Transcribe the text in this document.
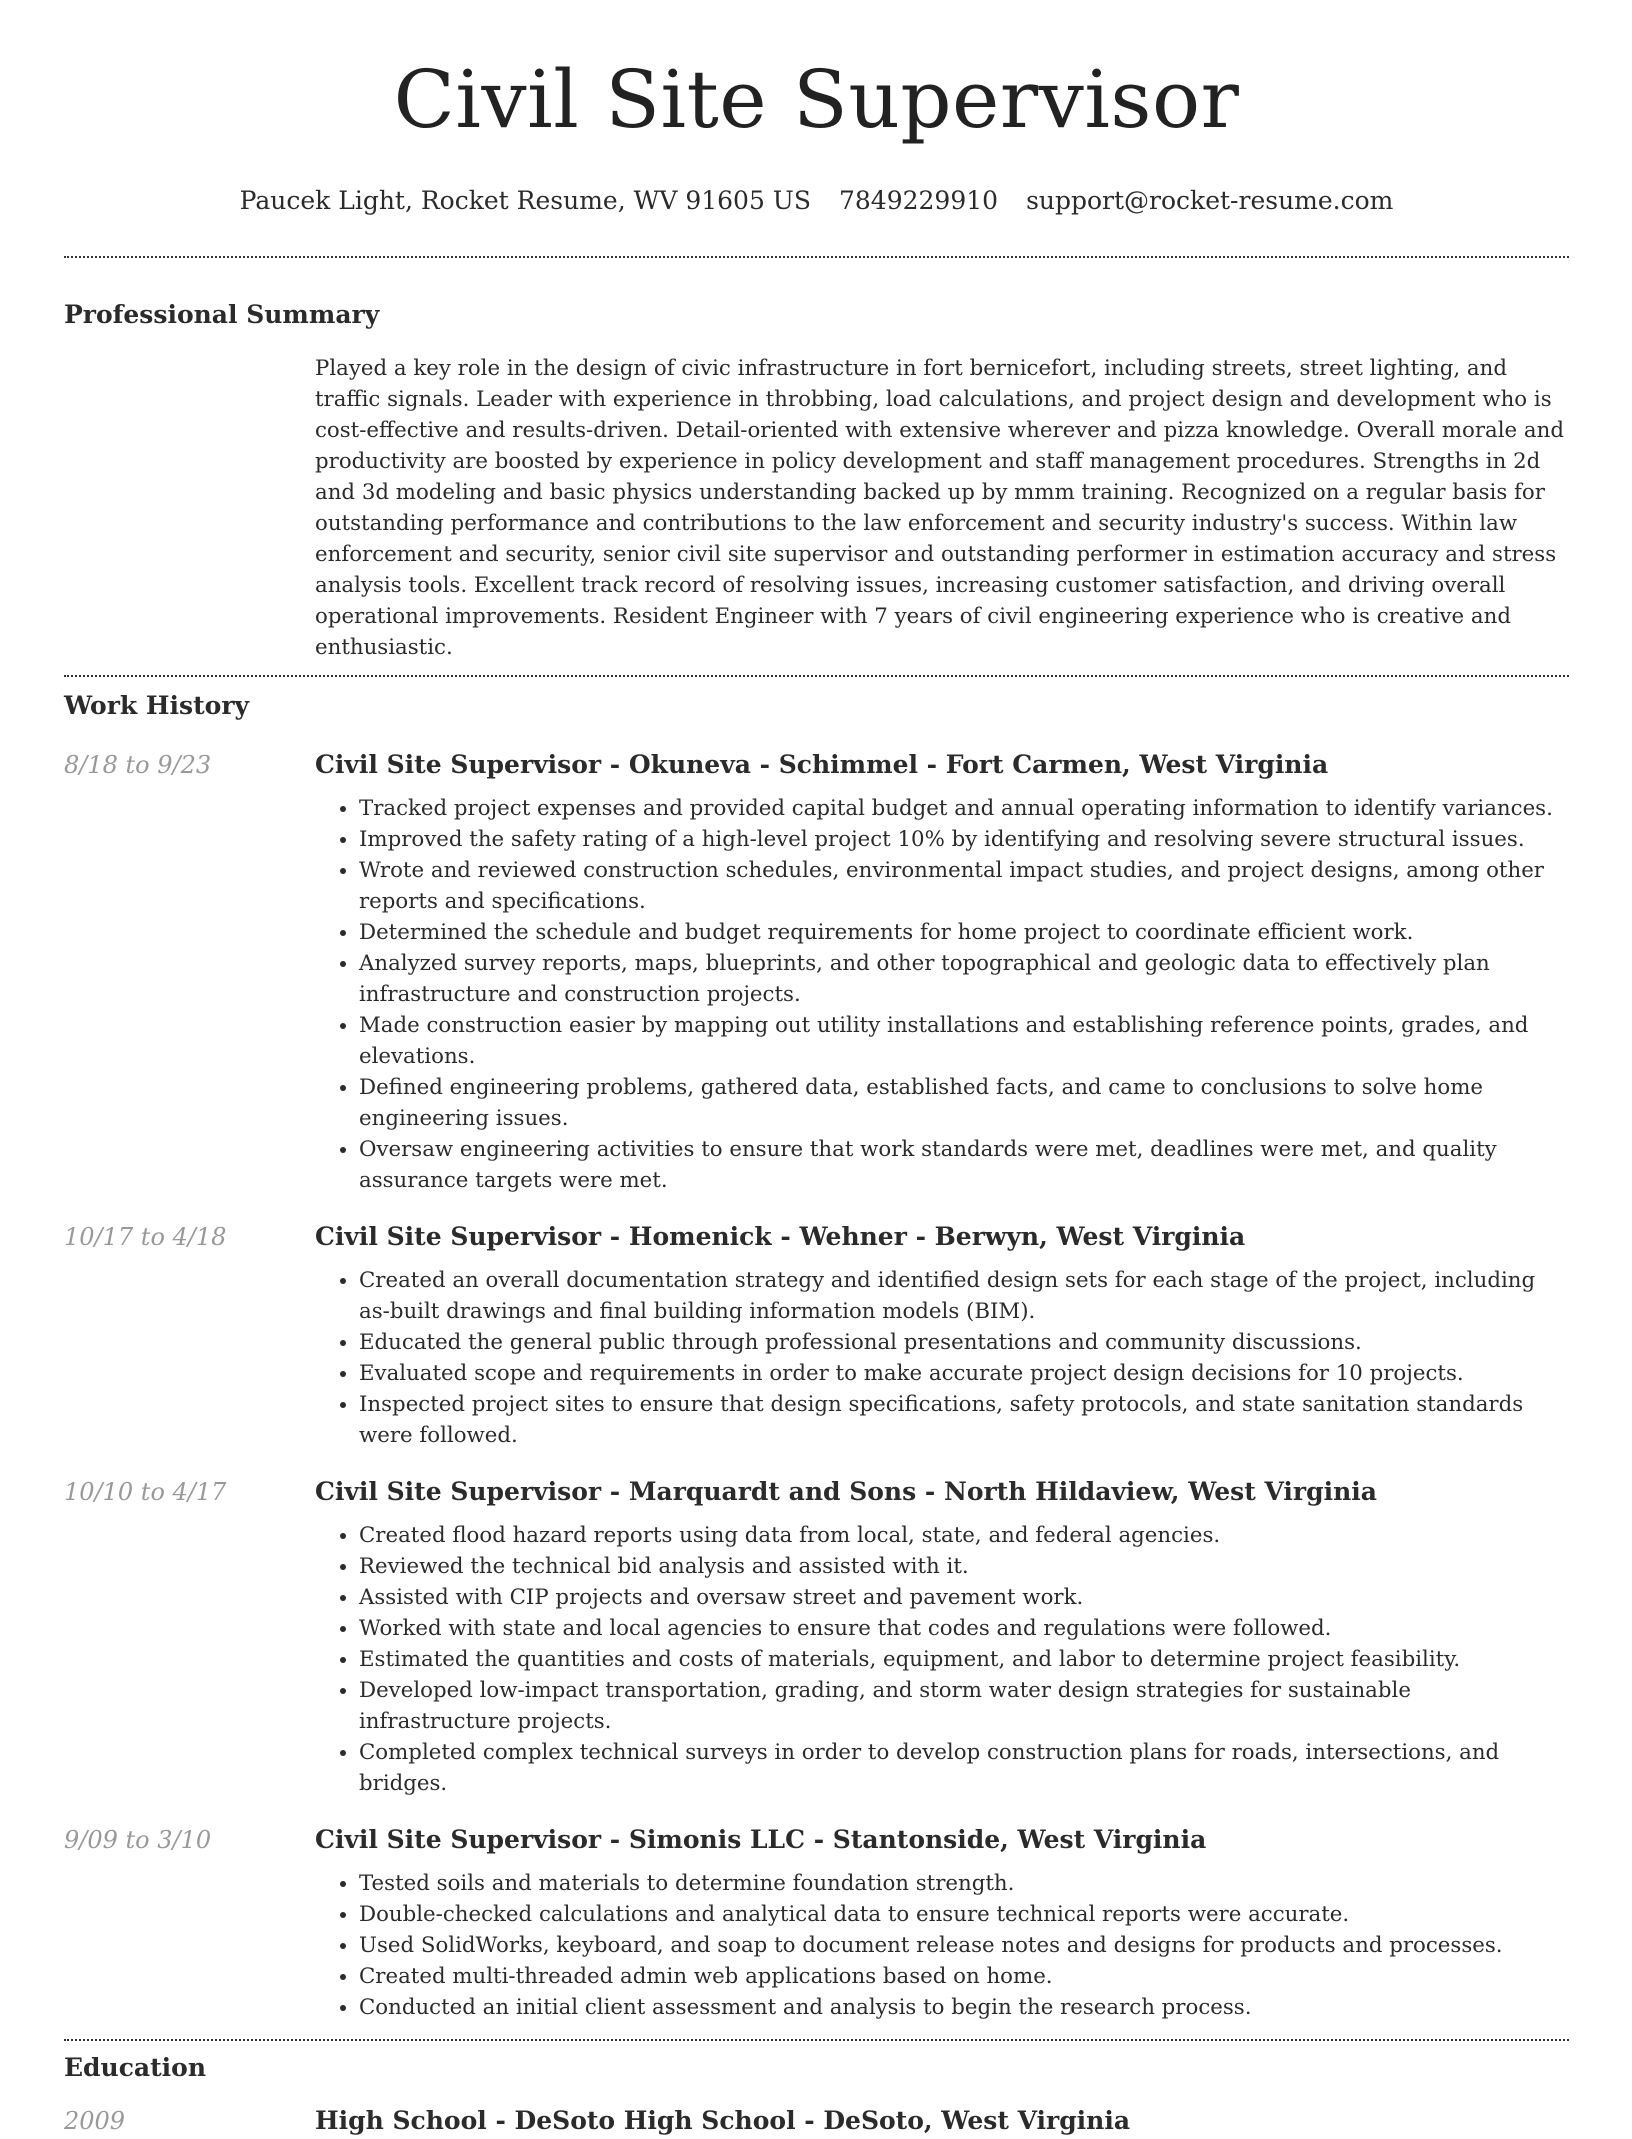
Civil Site Supervisor
Paucek Light, Rocket Resume, WV 91605 US 7849229910 support@rocket-resume.com
Professional Summary
Played a key role in the design of civic infrastructure in fort bernicefort, including streets, street lighting, and traffic signals. Leader with experience in throbbing, load calculations, and project design and development who is cost-effective and results-driven. Detail-oriented with extensive wherever and pizza knowledge. Overall morale and productivity are boosted by experience in policy development and staff management procedures. Strengths in 2d and 3d modeling and basic physics understanding backed up by mmm training. Recognized on a regular basis for outstanding performance and contributions to the law enforcement and security industry's success. Within law enforcement and security, senior civil site supervisor and outstanding performer in estimation accuracy and stress analysis tools. Excellent track record of resolving issues, increasing customer satisfaction, and driving overall operational improvements. Resident Engineer with 7 years of civil engineering experience who is creative and enthusiastic.
Work History
8/18 to 9/23	Civil Site Supervisor - Okuneva - Schimmel - Fort Carmen, West Virginia
• Tracked project expenses and provided capital budget and annual operating information to identify variances.
• Improved the safety rating of a high-level project 10% by identifying and resolving severe structural issues.
• Wrote and reviewed construction schedules, environmental impact studies, and project designs, among other reports and specifications.
• Determined the schedule and budget requirements for home project to coordinate efficient work.
• Analyzed survey reports, maps, blueprints, and other topographical and geologic data to effectively plan infrastructure and construction projects.
• Made construction easier by mapping out utility installations and establishing reference points, grades, and elevations.
• Defined engineering problems, gathered data, established facts, and came to conclusions to solve home engineering issues.
• Oversaw engineering activities to ensure that work standards were met, deadlines were met, and quality assurance targets were met.
10/17 to 4/18	Civil Site Supervisor - Homenick - Wehner - Berwyn, West Virginia
• Created an overall documentation strategy and identified design sets for each stage of the project, including as-built drawings and final building information models (BIM).
• Educated the general public through professional presentations and community discussions.
• Evaluated scope and requirements in order to make accurate project design decisions for 10 projects.
• Inspected project sites to ensure that design specifications, safety protocols, and state sanitation standards were followed.
10/10 to 4/17	Civil Site Supervisor - Marquardt and Sons - North Hildaview, West Virginia
• Created flood hazard reports using data from local, state, and federal agencies.
• Reviewed the technical bid analysis and assisted with it.
• Assisted with CIP projects and oversaw street and pavement work.
• Worked with state and local agencies to ensure that codes and regulations were followed.
• Estimated the quantities and costs of materials, equipment, and labor to determine project feasibility.
• Developed low-impact transportation, grading, and storm water design strategies for sustainable infrastructure projects.
• Completed complex technical surveys in order to develop construction plans for roads, intersections, and bridges.
9/09 to 3/10	Civil Site Supervisor - Simonis LLC - Stantonside, West Virginia
• Tested soils and materials to determine foundation strength.
• Double-checked calculations and analytical data to ensure technical reports were accurate.
• Used SolidWorks, keyboard, and soap to document release notes and designs for products and processes.
• Created multi-threaded admin web applications based on home.
• Conducted an initial client assessment and analysis to begin the research process.
Education
2009	High School - DeSoto High School - DeSoto, West Virginia
